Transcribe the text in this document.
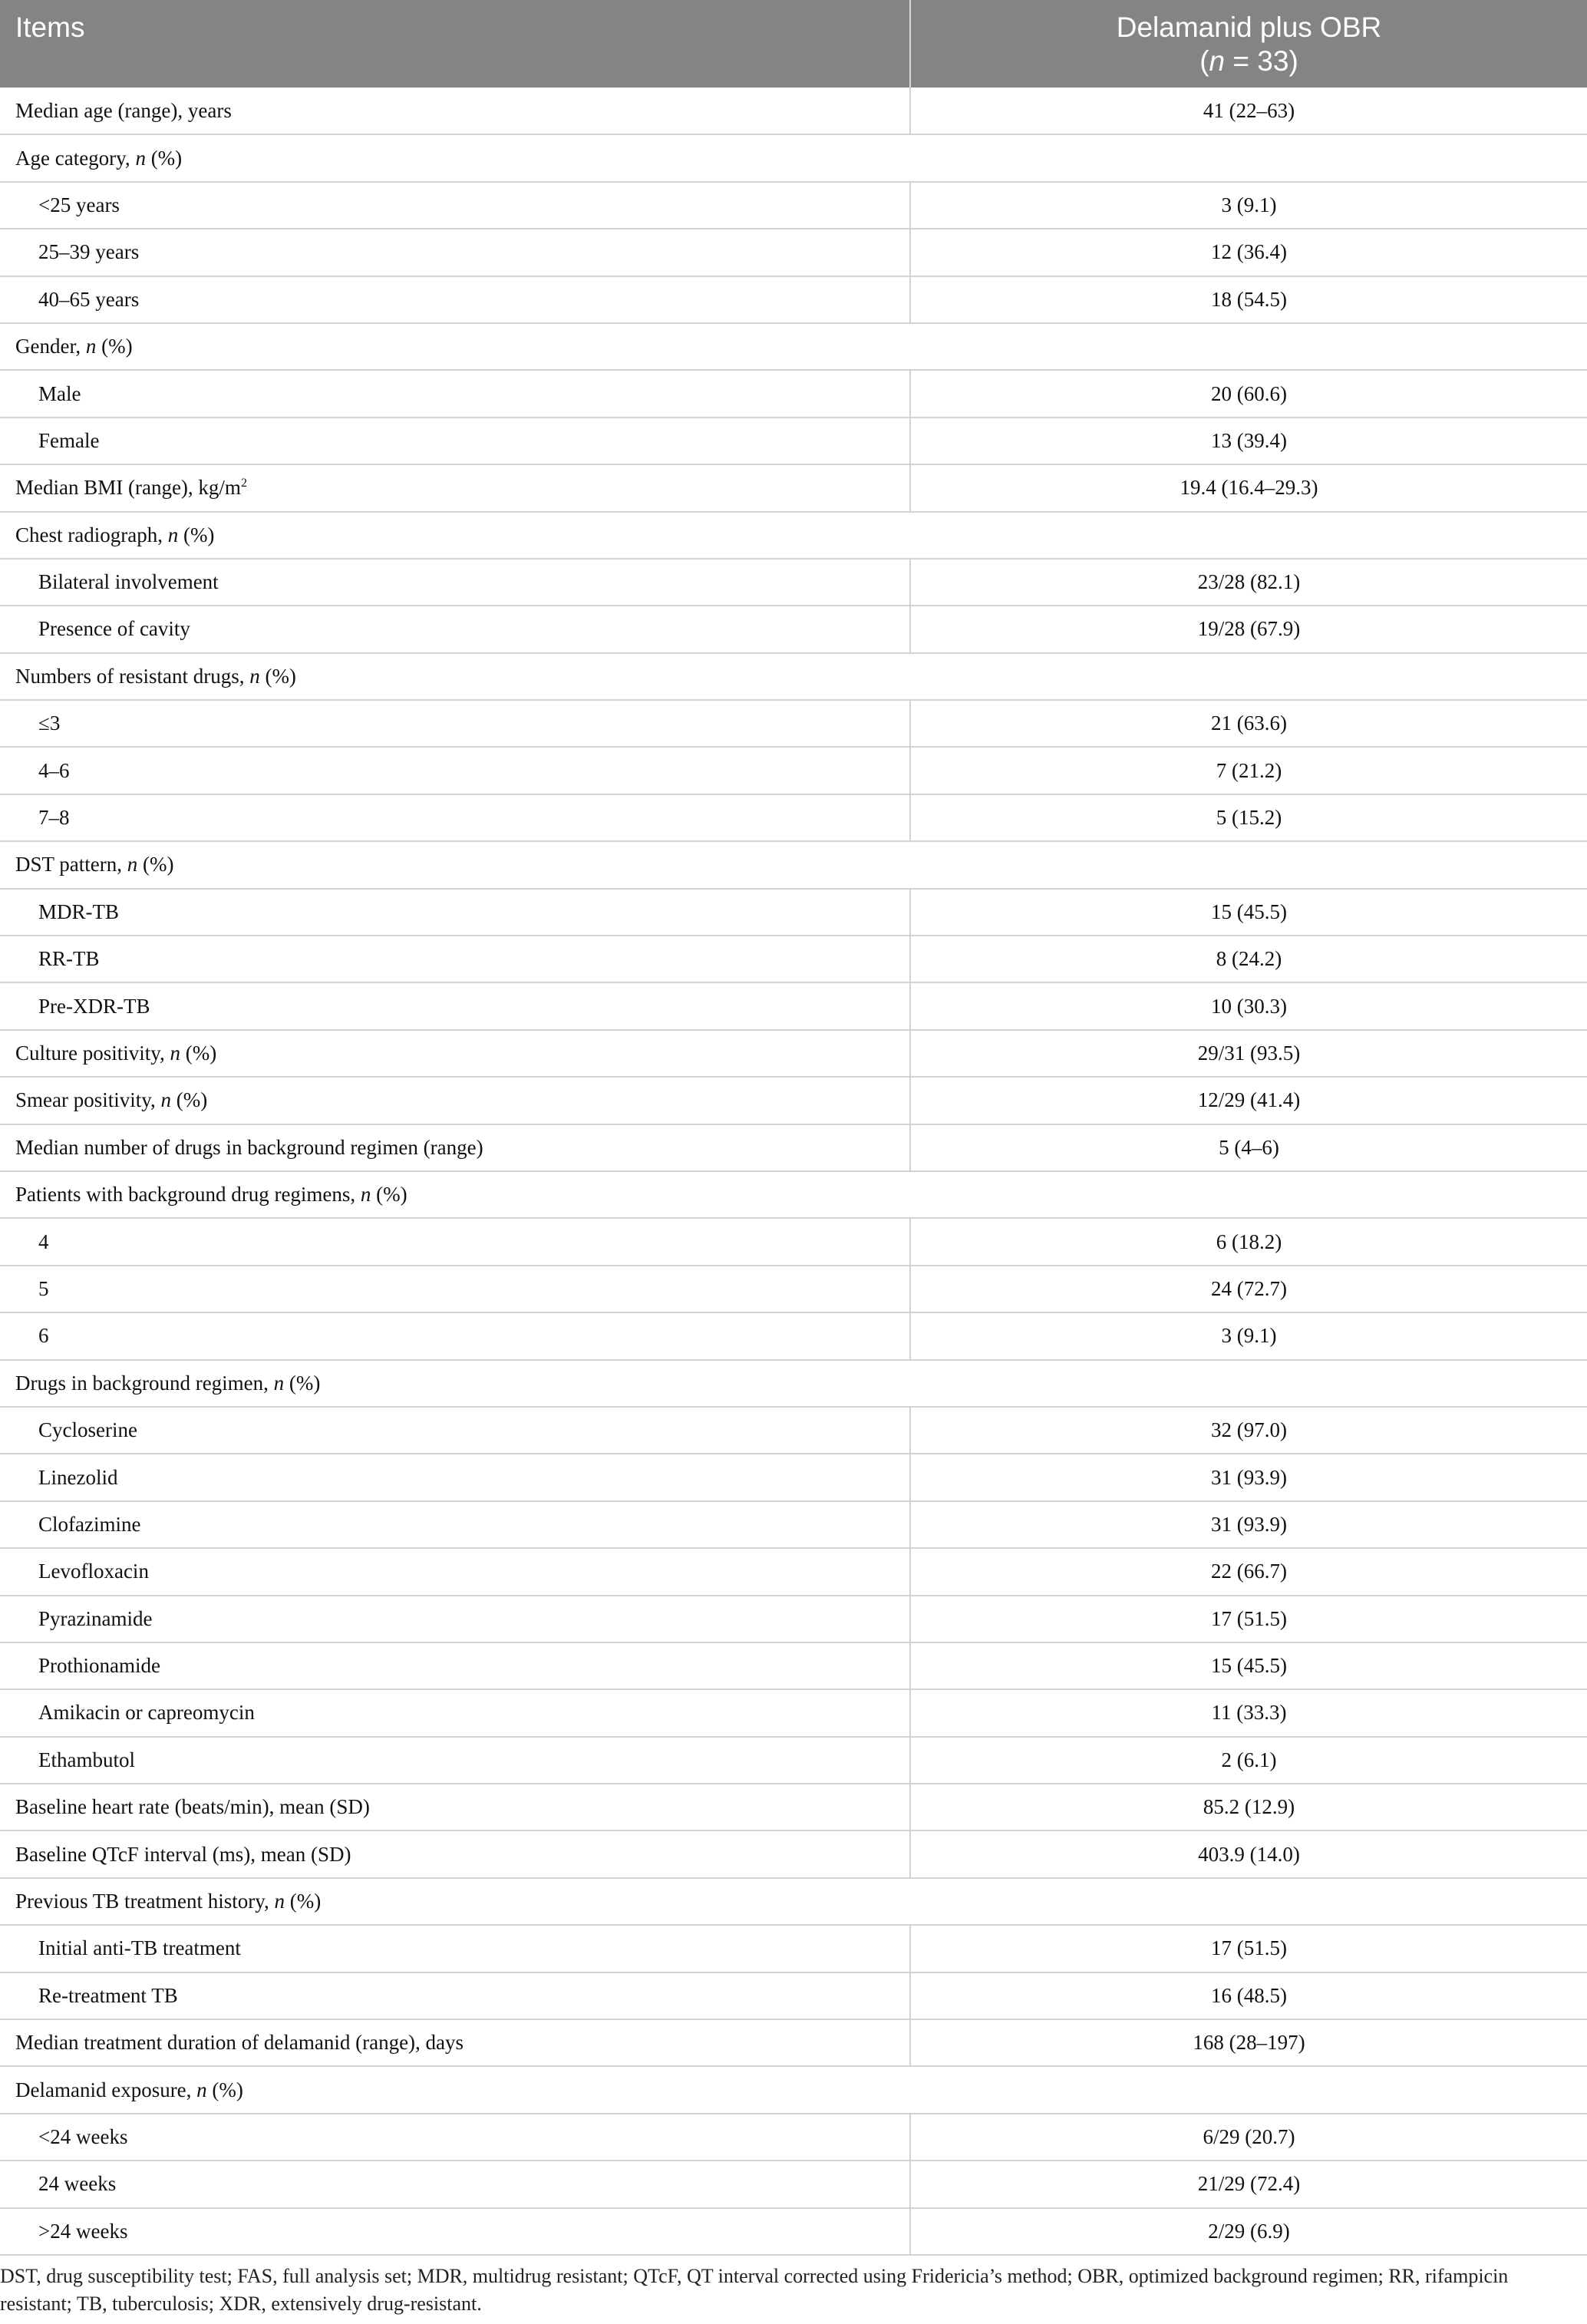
Items	Delamanid plus OBR
(n = 33)

Median age (range), years	41 (22–63)
Age category, n (%)	
<25 years	3 (9.1)
25–39 years	12 (36.4)
40–65 years	18 (54.5)
Gender, n (%)	
Male	20 (60.6)
Female	13 (39.4)
Median BMI (range), $kg/m^2$	19.4 (16.4–29.3)
Chest radiograph, n (%)	
Bilateral involvement	23/28 (82.1)
Presence of cavity	19/28 (67.9)
Numbers of resistant drugs, n (%)	
≤3	21 (63.6)
4–6	7 (21.2)
7–8	5 (15.2)
DST pattern, n (%)	
MDR-TB	15 (45.5)
RR-TB	8 (24.2)
Pre-XDR-TB	10 (30.3)
Culture positivity, n (%)	29/31 (93.5)
Smear positivity, n (%)	12/29 (41.4)
Median number of drugs in background regimen (range)	5 (4–6)
Patients with background drug regimens, n (%)	
4	6 (18.2)
5	24 (72.7)
6	3 (9.1)
Drugs in background regimen, n (%)	
Cycloserine	32 (97.0)
Linezolid	31 (93.9)
Clofazimine	31 (93.9)
Levofloxacin	22 (66.7)
Pyrazinamide	17 (51.5)
Prothionamide	15 (45.5)
Amikacin or capreomycin	11 (33.3)
Ethambutol	2 (6.1)
Baseline heart rate (beats/min), mean (SD)	85.2 (12.9)
Baseline QTcF interval (ms), mean (SD)	403.9 (14.0)
Previous TB treatment history, n (%)	
Initial anti-TB treatment	17 (51.5)
Re-treatment TB	16 (48.5)
Median treatment duration of delamanid (range), days	168 (28–197)
Delamanid exposure, n (%)	
<24 weeks	6/29 (20.7)
24 weeks	21/29 (72.4)
>24 weeks	2/29 (6.9)
DST, drug susceptibility test; FAS, full analysis set; MDR, multidrug resistant; QTcF, QT interval corrected using Fridericia’s method; OBR, optimized background regimen; RR, rifampicin resistant; TB, tuberculosis; XDR, extensively drug-resistant.
